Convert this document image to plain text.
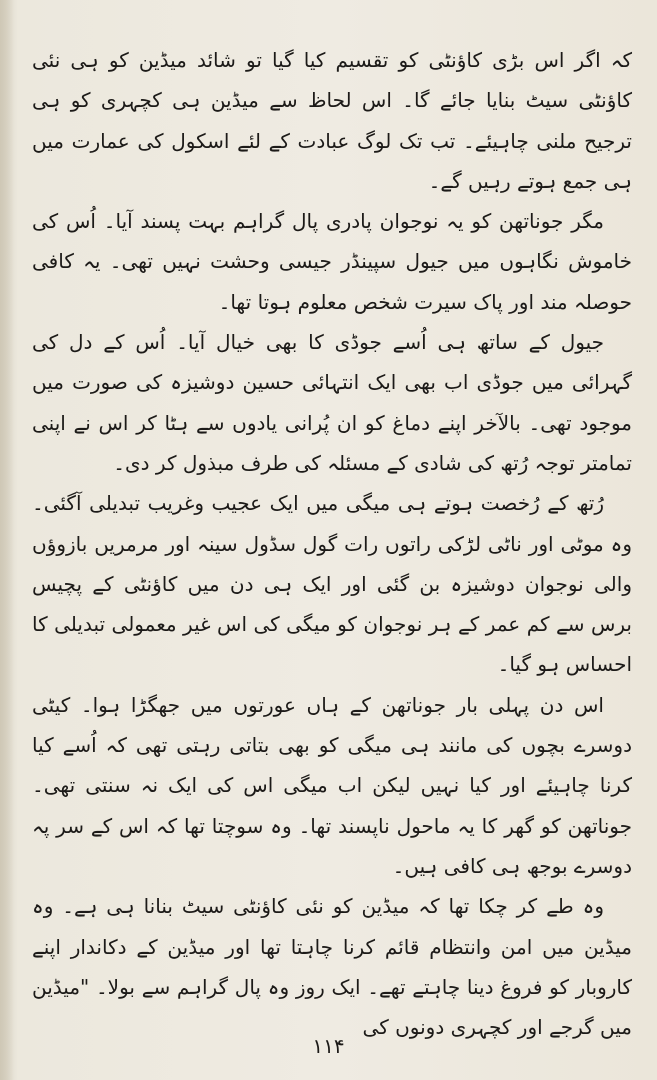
کہ اگر اس بڑی کاؤنٹی کو تقسیم کیا گیا تو شائد میڈین کو ہی نئی کاؤنٹی سیٹ بنایا جائے گا۔ اس لحاظ سے میڈین ہی کچہری کو ہی ترجیح ملنی چاہیئے۔ تب تک لوگ عبادت کے لئے اسکول کی عمارت میں ہی جمع ہوتے رہیں گے۔

مگر جوناتھن کو یہ نوجوان پادری پال گراہم بہت پسند آیا۔ اُس کی خاموش نگاہوں میں جیول سپینڈر جیسی وحشت نہیں تھی۔ یہ کافی حوصلہ مند اور پاک سیرت شخص معلوم ہوتا تھا۔

جیول کے ساتھ ہی اُسے جوڈی کا بھی خیال آیا۔ اُس کے دل کی گہرائی میں جوڈی اب بھی ایک انتہائی حسین دوشیزہ کی صورت میں موجود تھی۔ بالآخر اپنے دماغ کو ان پُرانی یادوں سے ہٹا کر اس نے اپنی تمامتر توجہ رُتھ کی شادی کے مسئلہ کی طرف مبذول کر دی۔

رُتھ کے رُخصت ہوتے ہی میگی میں ایک عجیب وغریب تبدیلی آگئی۔ وہ موٹی اور ناٹی لڑکی راتوں رات گول سڈول سینہ اور مرمریں بازوؤں والی نوجوان دوشیزہ بن گئی اور ایک ہی دن میں کاؤنٹی کے پچیس برس سے کم عمر کے ہر نوجوان کو میگی کی اس غیر معمولی تبدیلی کا احساس ہو گیا۔

اس دن پہلی بار جوناتھن کے ہاں عورتوں میں جھگڑا ہوا۔ کیٹی دوسرے بچوں کی مانند ہی میگی کو بھی بتاتی رہتی تھی کہ اُسے کیا کرنا چاہیئے اور کیا نہیں لیکن اب میگی اس کی ایک نہ سنتی تھی۔ جوناتھن کو گھر کا یہ ماحول ناپسند تھا۔ وہ سوچتا تھا کہ اس کے سر پہ دوسرے بوجھ ہی کافی ہیں۔

وہ طے کر چکا تھا کہ میڈین کو نئی کاؤنٹی سیٹ بنانا ہی ہے۔ وہ میڈین میں امن وانتظام قائم کرنا چاہتا تھا اور میڈین کے دکاندار اپنے کاروبار کو فروغ دینا چاہتے تھے۔ ایک روز وہ پال گراہم سے بولا۔ "میڈین میں گرجے اور کچہری دونوں کی

۱۱۴
